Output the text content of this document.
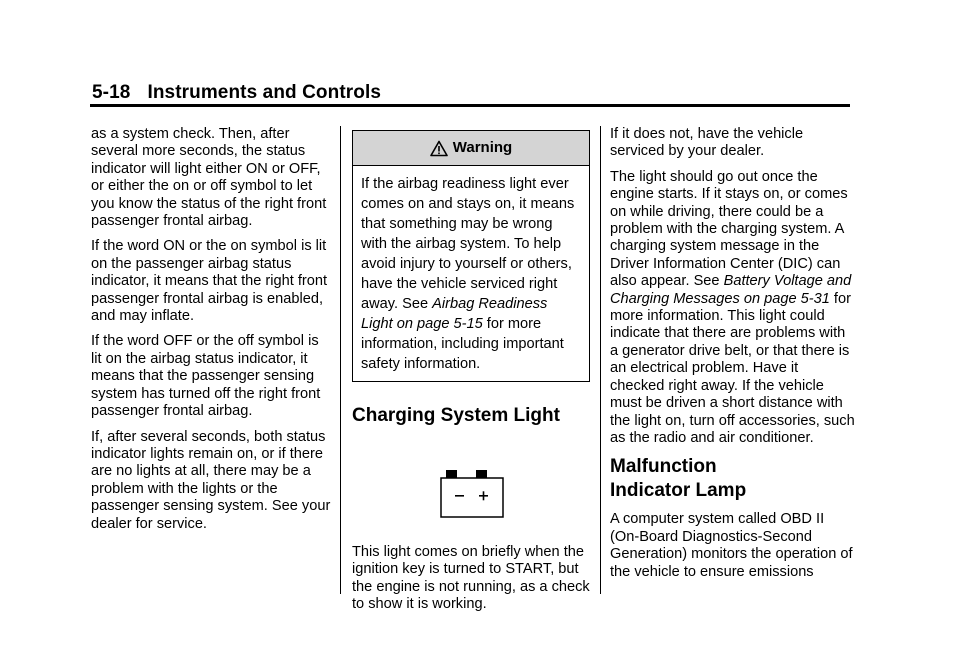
5-18 Instruments and Controls

as a system check. Then, after several more seconds, the status indicator will light either ON or OFF, or either the on or off symbol to let you know the status of the right front passenger frontal airbag.

If the word ON or the on symbol is lit on the passenger airbag status indicator, it means that the right front passenger frontal airbag is enabled, and may inflate.

If the word OFF or the off symbol is lit on the airbag status indicator, it means that the passenger sensing system has turned off the right front passenger frontal airbag.

If, after several seconds, both status indicator lights remain on, or if there are no lights at all, there may be a problem with the lights or the passenger sensing system. See your dealer for service.

Warning
If the airbag readiness light ever comes on and stays on, it means that something may be wrong with the airbag system. To help avoid injury to yourself or others, have the vehicle serviced right away. See Airbag Readiness Light on page 5-15 for more information, including important safety information.
Charging System Light

This light comes on briefly when the ignition key is turned to START, but the engine is not running, as a check to show it is working.

If it does not, have the vehicle serviced by your dealer.

The light should go out once the engine starts. If it stays on, or comes on while driving, there could be a problem with the charging system. A charging system message in the Driver Information Center (DIC) can also appear. See Battery Voltage and Charging Messages on page 5-31 for more information. This light could indicate that there are problems with a generator drive belt, or that there is an electrical problem. Have it checked right away. If the vehicle must be driven a short distance with the light on, turn off accessories, such as the radio and air conditioner.

Malfunction
Indicator Lamp

A computer system called OBD II (On-Board Diagnostics-Second Generation) monitors the operation of the vehicle to ensure emissions
